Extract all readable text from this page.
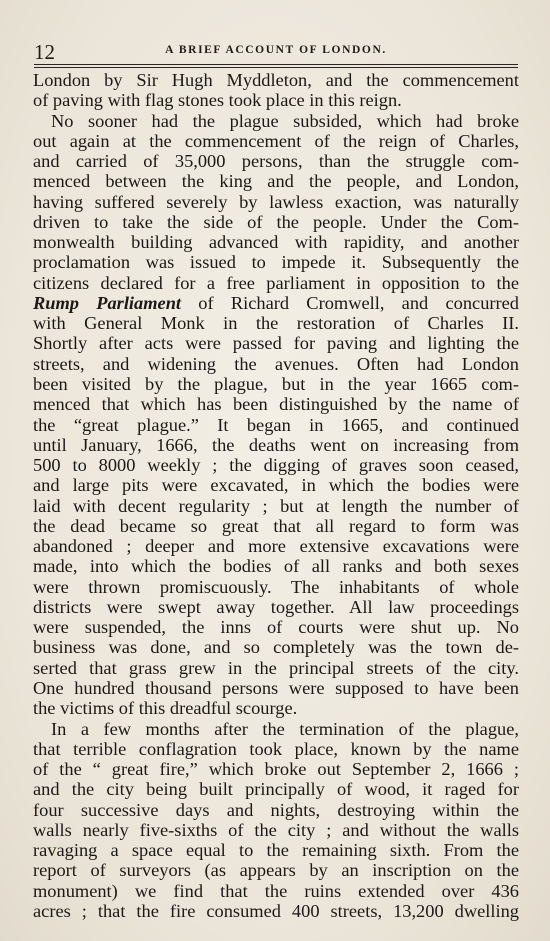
12	A BRIEF ACCOUNT OF LONDON.
London by Sir Hugh Myddleton, and the commencement
of paving with flag stones took place in this reign.
No sooner had the plague subsided, which had broke
out again at the commencement of the reign of Charles,
and carried of 35,000 persons, than the struggle com-
menced between the king and the people, and London,
having suffered severely by lawless exaction, was naturally
driven to take the side of the people. Under the Com-
monwealth building advanced with rapidity, and another
proclamation was issued to impede it. Subsequently the
citizens declared for a free parliament in opposition to the
Rump Parliament of Richard Cromwell, and concurred
with General Monk in the restoration of Charles II.
Shortly after acts were passed for paving and lighting the
streets, and widening the avenues. Often had London
been visited by the plague, but in the year 1665 com-
menced that which has been distinguished by the name of
the “great plague.” It began in 1665, and continued
until January, 1666, the deaths went on increasing from
500 to 8000 weekly ; the digging of graves soon ceased,
and large pits were excavated, in which the bodies were
laid with decent regularity ; but at length the number of
the dead became so great that all regard to form was
abandoned ; deeper and more extensive excavations were
made, into which the bodies of all ranks and both sexes
were thrown promiscuously. The inhabitants of whole
districts were swept away together. All law proceedings
were suspended, the inns of courts were shut up. No
business was done, and so completely was the town de-
serted that grass grew in the principal streets of the city.
One hundred thousand persons were supposed to have been
the victims of this dreadful scourge.
In a few months after the termination of the plague,
that terrible conflagration took place, known by the name
of the “ great fire,” which broke out September 2, 1666 ;
and the city being built principally of wood, it raged for
four successive days and nights, destroying within the
walls nearly five-sixths of the city ; and without the walls
ravaging a space equal to the remaining sixth. From the
report of surveyors (as appears by an inscription on the
monument) we find that the ruins extended over 436
acres ; that the fire consumed 400 streets, 13,200 dwelling
